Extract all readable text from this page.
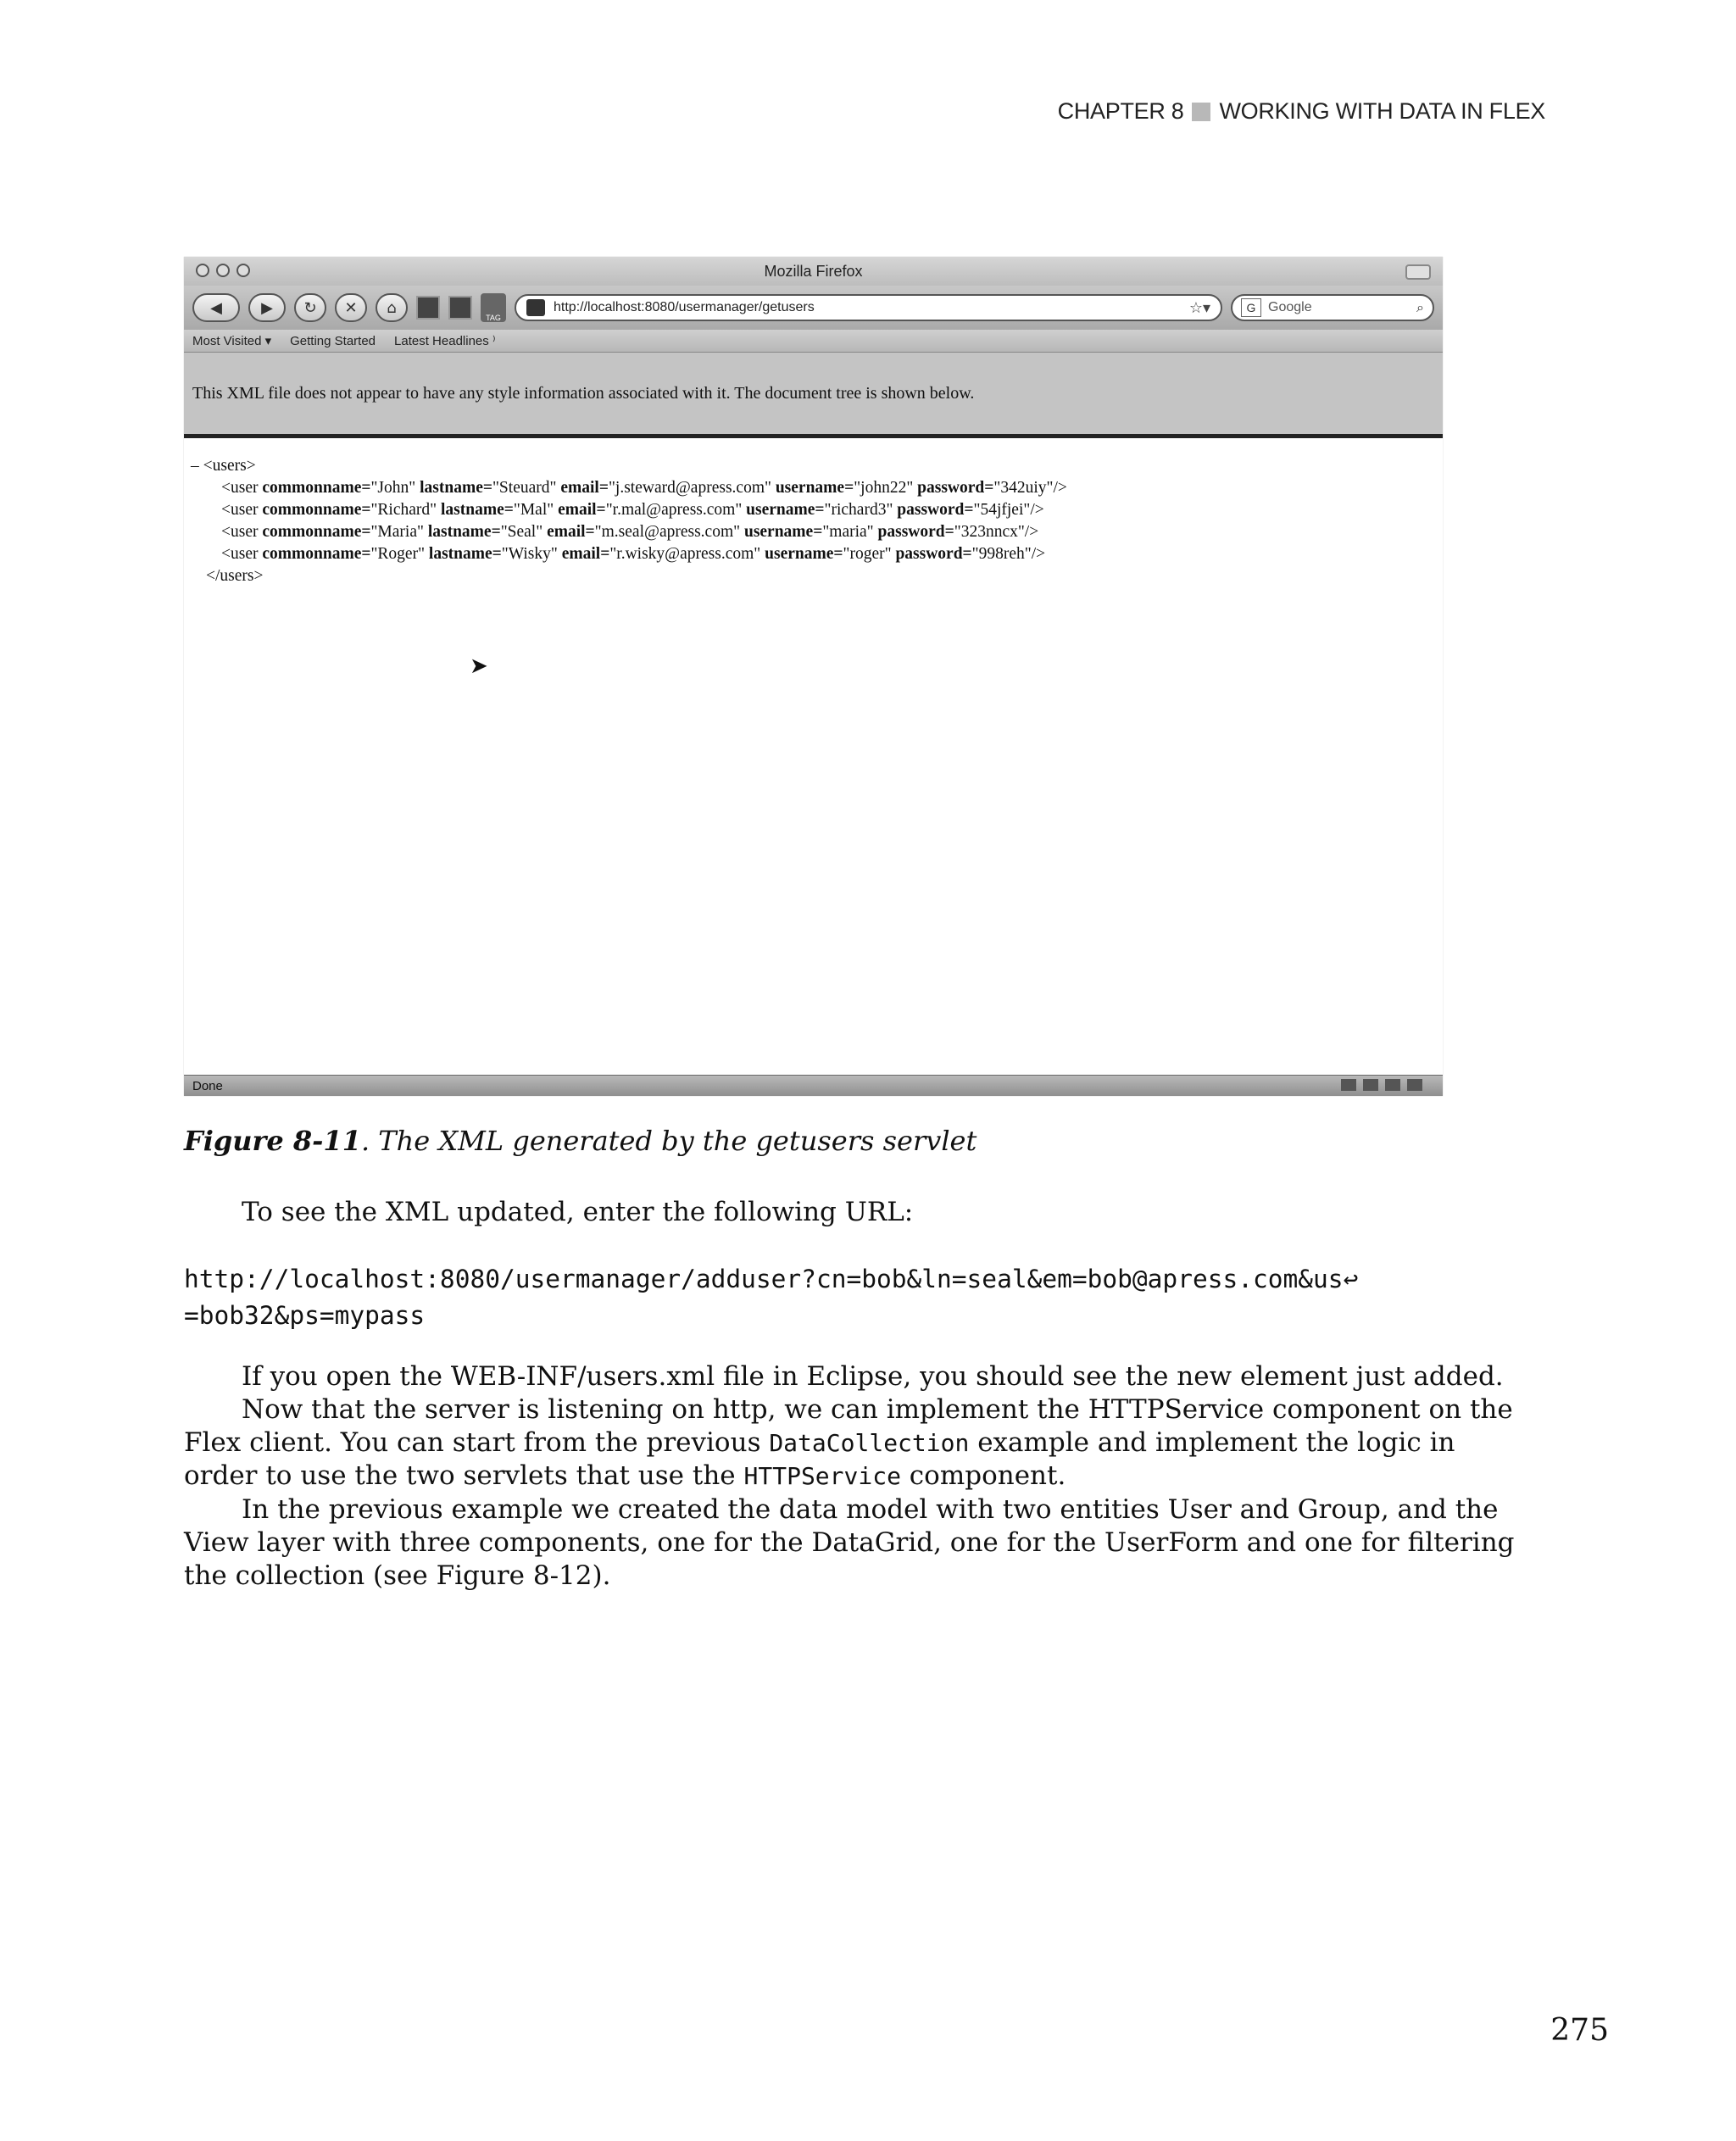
CHAPTER 8 WORKING WITH DATA IN FLEX
Mozilla Firefox
◀	▶ ↻ ✕ ⌂
TAG
http://localhost:8080/usermanager/getusers	☆▾	G Google	⌕
Most Visited ▾ Getting Started Latest Headlines ⁾
This XML file does not appear to have any style information associated with it. The document tree is shown below.
– <users>
<user commonname="John" lastname="Steuard" email="j.steward@apress.com" username="john22" password="342uiy"/>
<user commonname="Richard" lastname="Mal" email="r.mal@apress.com" username="richard3" password="54jfjei"/>
<user commonname="Maria" lastname="Seal" email="m.seal@apress.com" username="maria" password="323nncx"/>
<user commonname="Roger" lastname="Wisky" email="r.wisky@apress.com" username="roger" password="998reh"/>
</users>
➤
Done
Figure 8-11. The XML generated by the getusers servlet
To see the XML updated, enter the following URL:
http://localhost:8080/usermanager/adduser?cn=bob&ln=seal&em=bob@apress.com&us↩
=bob32&ps=mypass
If you open the WEB-INF/users.xml file in Eclipse, you should see the new element just added.
Now that the server is listening on http, we can implement the HTTPService component on the Flex client. You can start from the previous DataCollection example and implement the logic in order to use the two servlets that use the HTTPService component.
In the previous example we created the data model with two entities User and Group, and the View layer with three components, one for the DataGrid, one for the UserForm and one for filtering the collection (see Figure 8-12).
275
